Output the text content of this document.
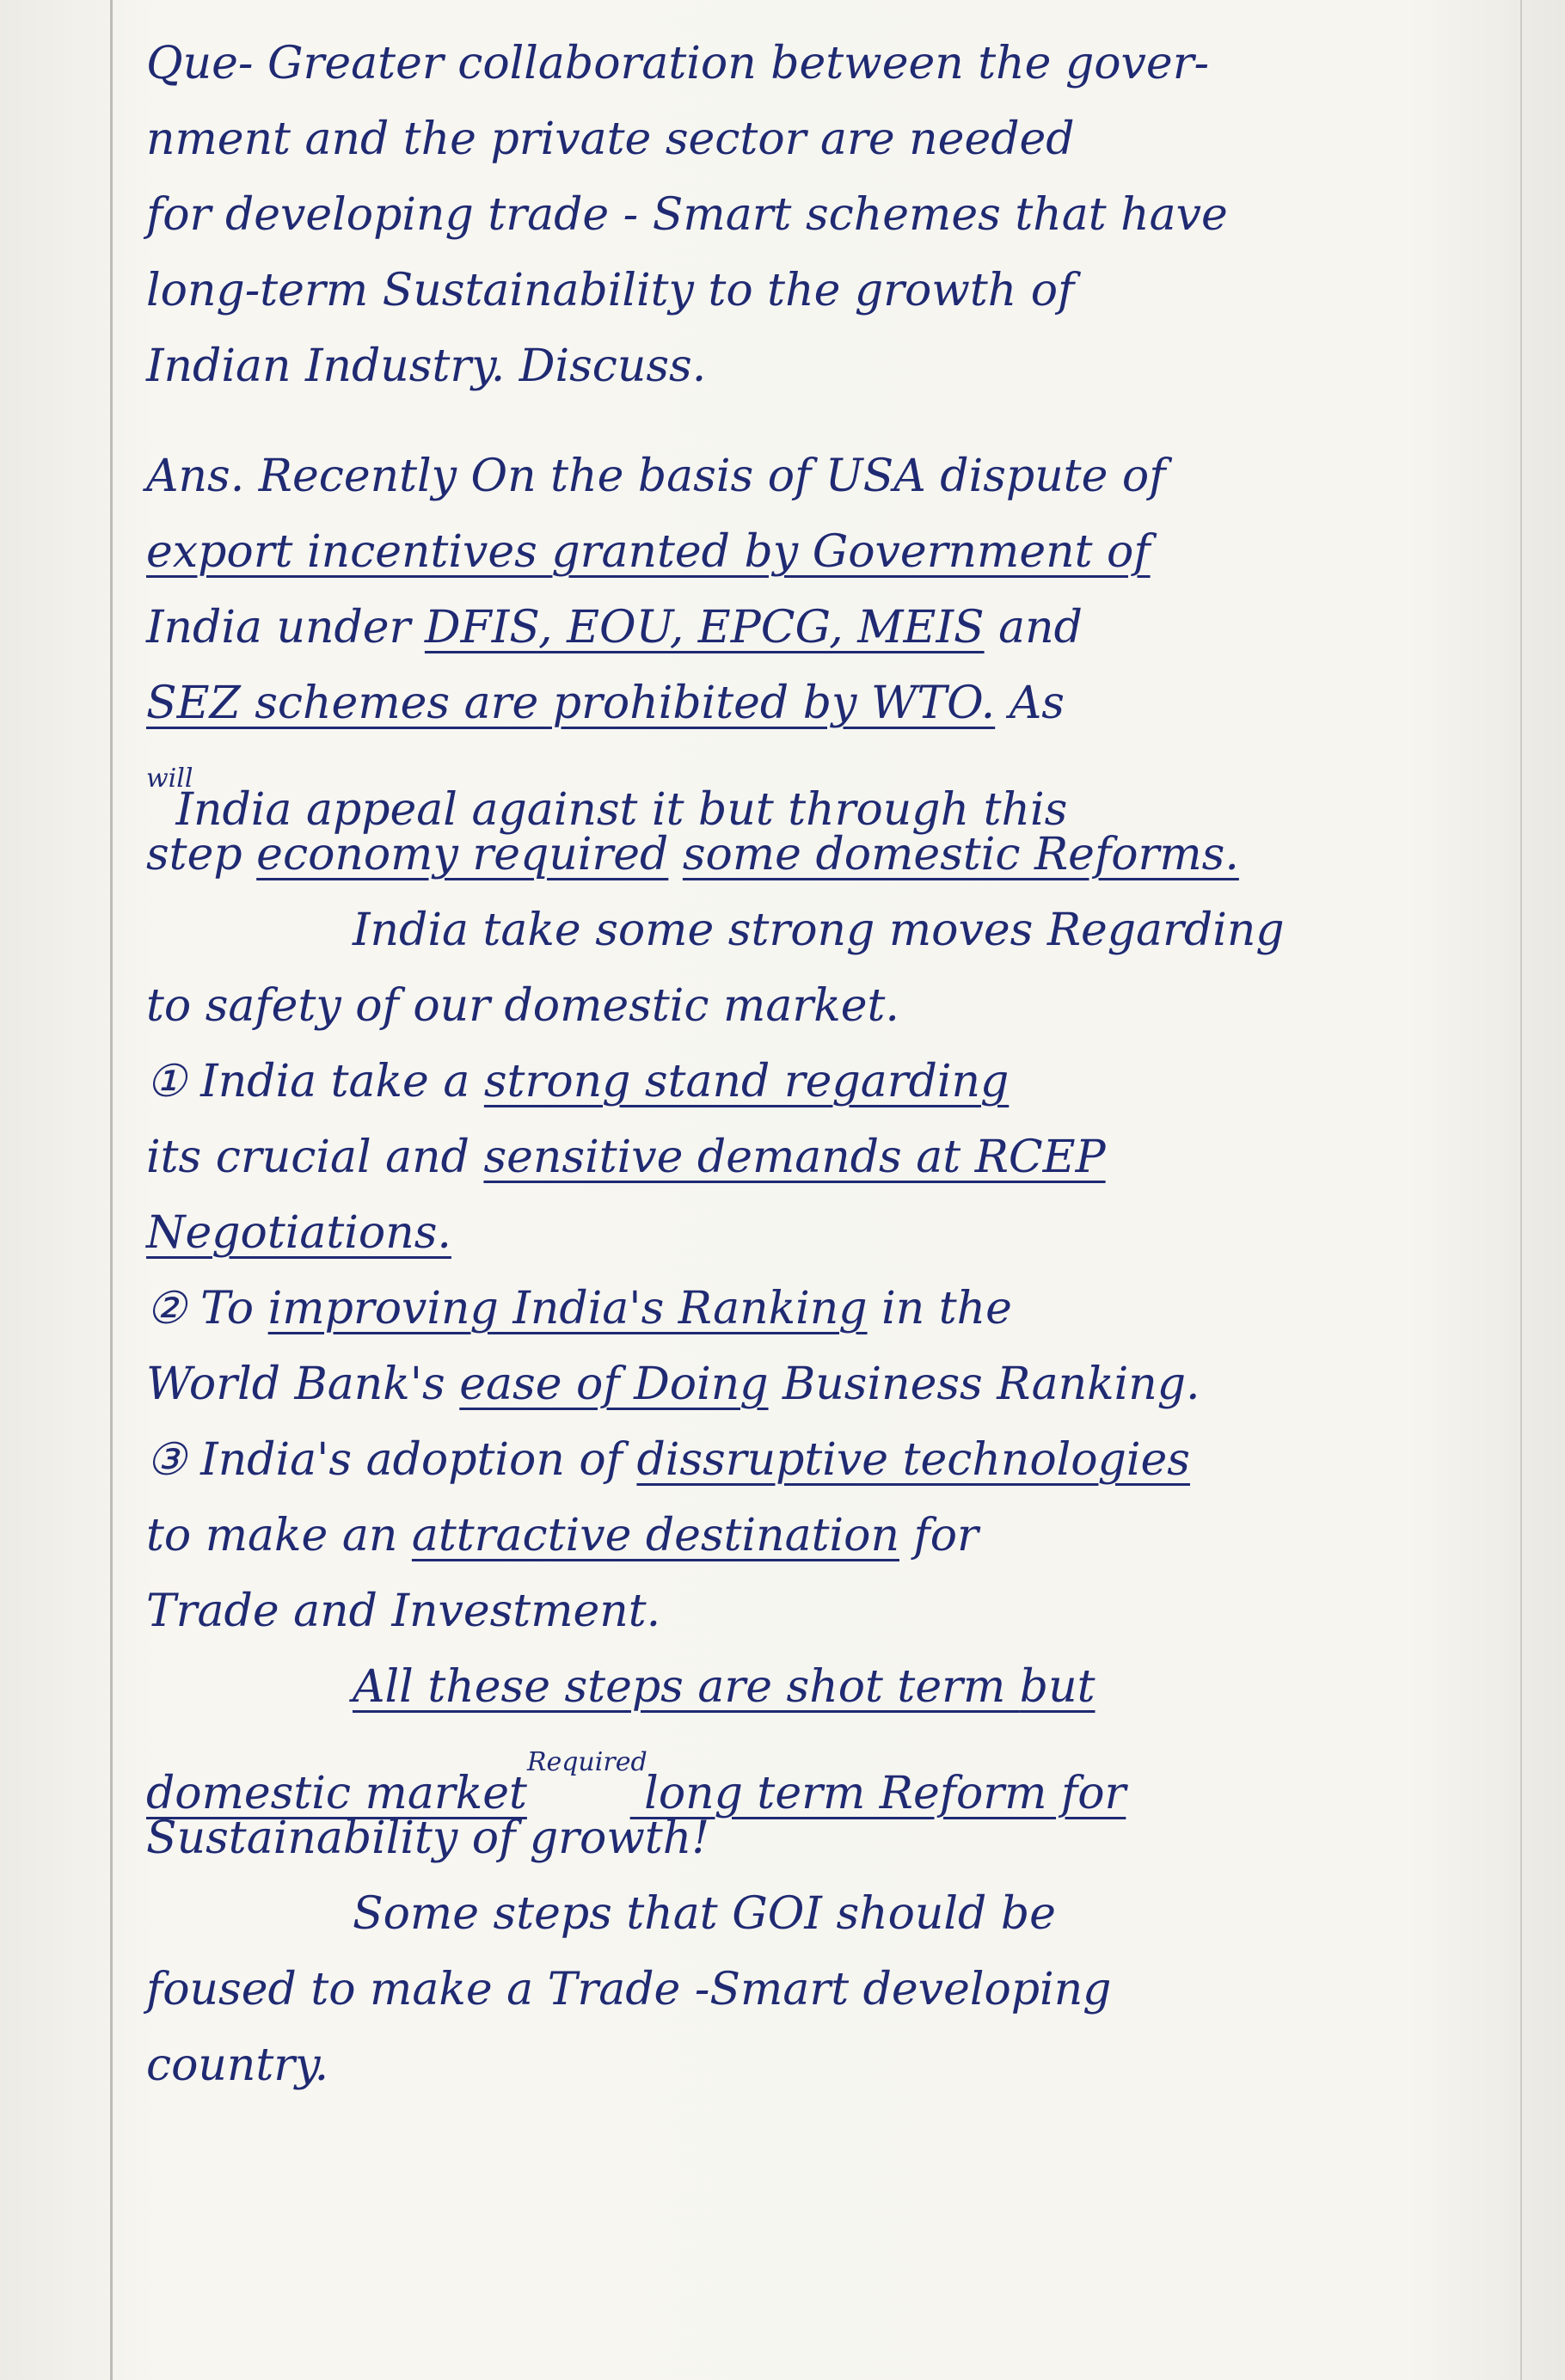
Que- Greater collaboration between the gover-
nment and the private sector are needed
for developing trade - Smart schemes that have
long-term Sustainability to the growth of
Indian Industry. Discuss.
Ans. Recently On the basis of USA dispute of
export incentives granted by Government of
India under DFIS, EOU, EPCG, MEIS and
SEZ schemes are prohibited by WTO. As
$^{will}$India appeal against it but through this
step economy required some domestic Reforms.
India take some strong moves Regarding
to safety of our domestic market.
① India take a strong stand regarding
its crucial and sensitive demands at RCEP
Negotiations.
② To improving India's Ranking in the
World Bank's ease of Doing Business Ranking.
③ India's adoption of dissruptive technologies
to make an attractive destination for
Trade and Investment.
All these steps are shot term but
domestic market$^{Required}$ long term Reform for
Sustainability of growth!
Some steps that GOI should be
foused to make a Trade -Smart developing
country.
